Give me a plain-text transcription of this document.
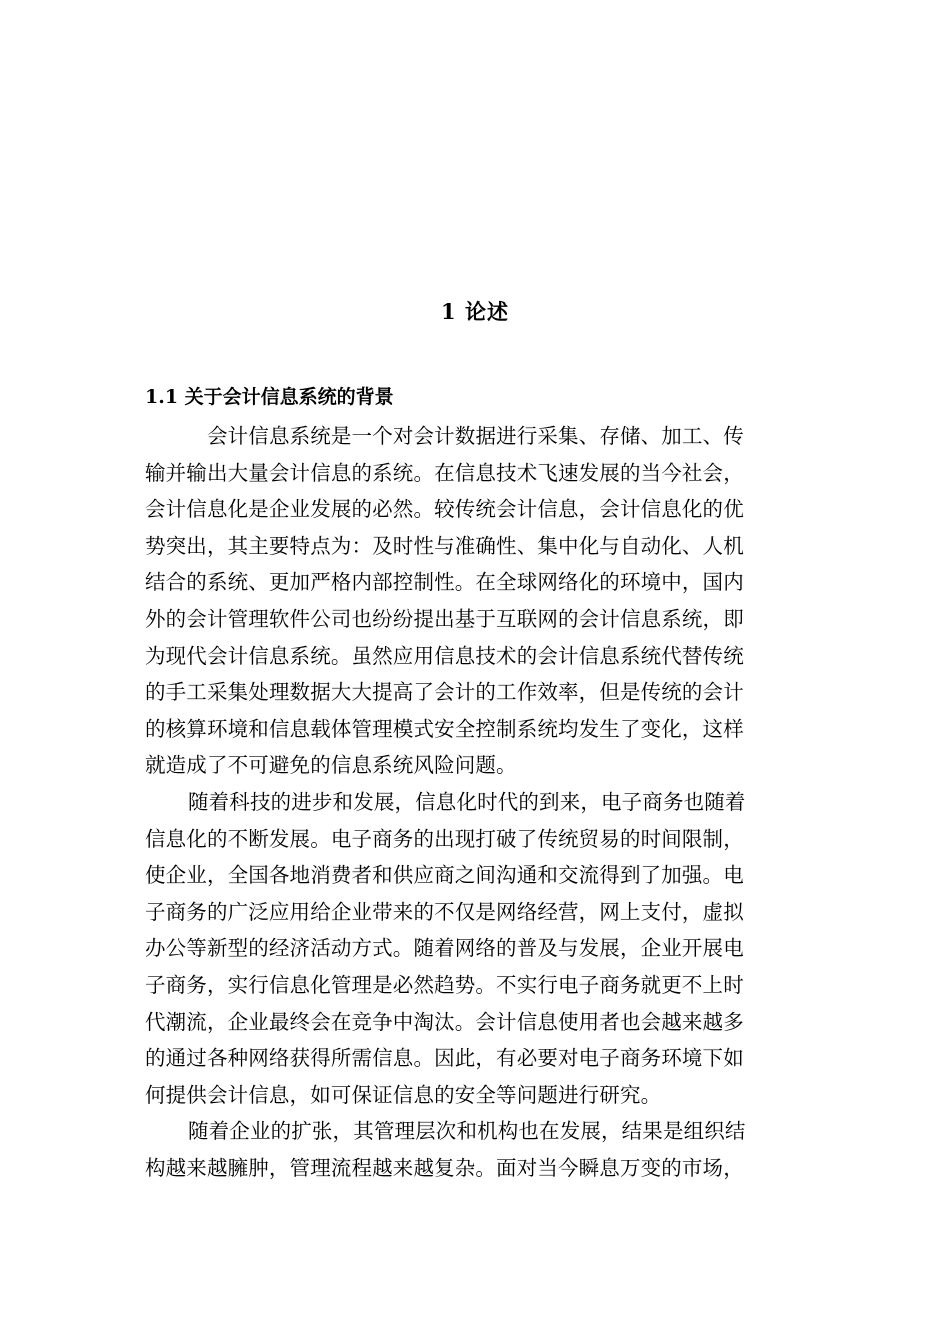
1 论述
1.1 关于会计信息系统的背景
会计信息系统是一个对会计数据进行采集、存储、加工、传
输并输出大量会计信息的系统。在信息技术飞速发展的当今社会，
会计信息化是企业发展的必然。较传统会计信息，会计信息化的优
势突出，其主要特点为：及时性与准确性、集中化与自动化、人机
结合的系统、更加严格内部控制性。在全球网络化的环境中，国内
外的会计管理软件公司也纷纷提出基于互联网的会计信息系统，即
为现代会计信息系统。虽然应用信息技术的会计信息系统代替传统
的手工采集处理数据大大提高了会计的工作效率，但是传统的会计
的核算环境和信息载体管理模式安全控制系统均发生了变化，这样
就造成了不可避免的信息系统风险问题。
随着科技的进步和发展，信息化时代的到来，电子商务也随着
信息化的不断发展。电子商务的出现打破了传统贸易的时间限制，
使企业，全国各地消费者和供应商之间沟通和交流得到了加强。电
子商务的广泛应用给企业带来的不仅是网络经营，网上支付，虚拟
办公等新型的经济活动方式。随着网络的普及与发展，企业开展电
子商务，实行信息化管理是必然趋势。不实行电子商务就更不上时
代潮流，企业最终会在竞争中淘汰。会计信息使用者也会越来越多
的通过各种网络获得所需信息。因此，有必要对电子商务环境下如
何提供会计信息，如可保证信息的安全等问题进行研究。
随着企业的扩张，其管理层次和机构也在发展，结果是组织结
构越来越臃肿，管理流程越来越复杂。面对当今瞬息万变的市场，
